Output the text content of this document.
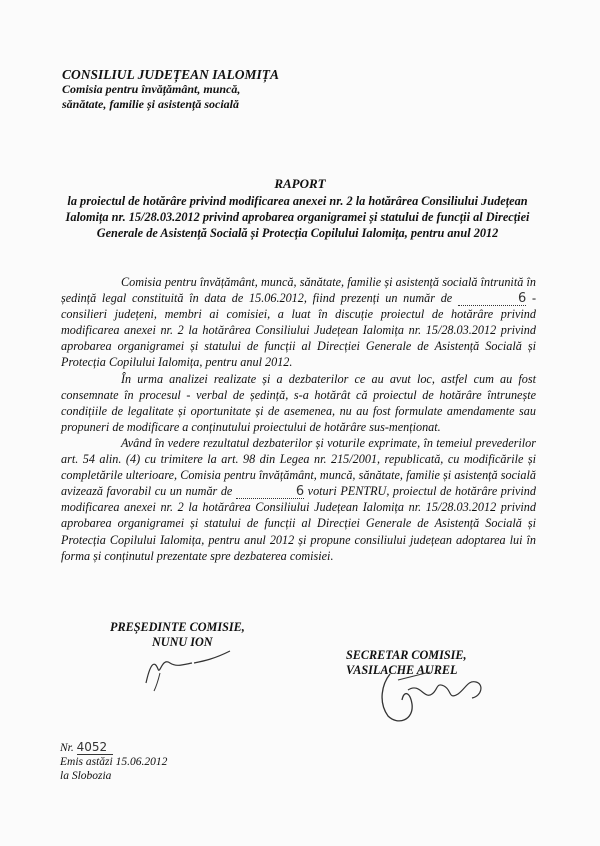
CONSILIUL JUDEȚEAN IALOMIȚA
Comisia pentru învățământ, muncă,
sănătate, familie și asistență socială
RAPORT
la proiectul de hotărâre privind modificarea anexei nr. 2 la hotărârea Consiliului Județean Ialomița nr. 15/28.03.2012 privind aprobarea organigramei și statului de funcții al Direcției Generale de Asistență Socială și Protecția Copilului Ialomița, pentru anul 2012

Comisia pentru învățământ, muncă, sănătate, familie și asistență socială întrunită în ședință legal constituită în data de 15.06.2012, fiind prezenți un număr de	6 - consilieri județeni, membri ai comisiei, a luat în discuție proiectul de hotărâre privind modificarea anexei nr. 2 la hotărârea Consiliului Județean Ialomița nr. 15/28.03.2012 privind aprobarea organigramei și statului de funcții al Direcției Generale de Asistență Socială și Protecția Copilului Ialomița, pentru anul 2012.

În urma analizei realizate și a dezbaterilor ce au avut loc, astfel cum au fost consemnate în procesul - verbal de ședință, s-a hotărât că proiectul de hotărâre întrunește condițiile de legalitate și oportunitate și de asemenea, nu au fost formulate amendamente sau propuneri de modificare a conținutului proiectului de hotărâre sus-menționat.

Având în vedere rezultatul dezbaterilor și voturile exprimate, în temeiul prevederilor art. 54 alin. (4) cu trimitere la art. 98 din Legea nr. 215/2001, republicată, cu modificările și completările ulterioare, Comisia pentru învățământ, muncă, sănătate, familie și asistență socială avizează favorabil cu un număr de	6 voturi PENTRU, proiectul de hotărâre privind modificarea anexei nr. 2 la hotărârea Consiliului Județean Ialomița nr. 15/28.03.2012 privind aprobarea organigramei și statului de funcții al Direcției Generale de Asistență Socială și Protecția Copilului Ialomița, pentru anul 2012 și propune consiliului județean adoptarea lui în forma și conținutul prezentate spre dezbaterea comisiei.

PREȘEDINTE COMISIE,
NUNU ION
SECRETAR COMISIE,
VASILACHE AUREL
Nr. 4052
Emis astăzi 15.06.2012
la Slobozia
